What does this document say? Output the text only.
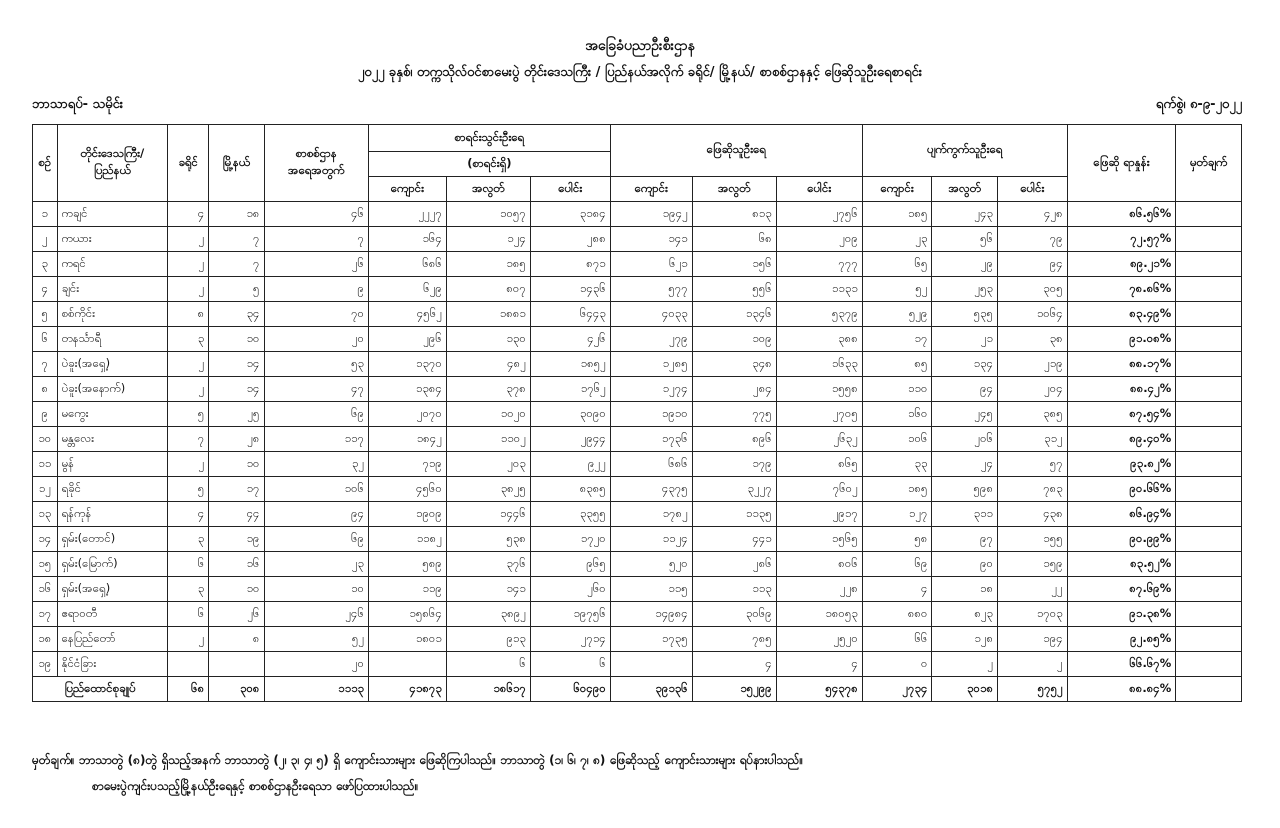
အခြေခံပညာဦးစီးဌာန
၂၀၂၂ ခုနှစ်၊ တက္ကသိုလ်ဝင်စာမေးပွဲ တိုင်းဒေသကြီး / ပြည်နယ်အလိုက် ခရိုင်/ မြို့နယ်/ စာစစ်ဌာနနှင့် ဖြေဆိုသူဦးရေစာရင်း
ဘာသာရပ်- သမိုင်း	ရက်စွဲ၊ ၈-၉-၂၀၂၂
စဉ်	တိုင်းဒေသကြီး/ ပြည်နယ်	ခရိုင်	မြို့နယ်	စာစစ်ဌာန အရေအတွက်	စာရင်းသွင်းဦးရေ			ဖြေဆိုသူဦးရေ			ပျက်ကွက်သူဦးရေ			ဖြေဆို ရာနှုန်း	မှတ်ချက်
					(စာရင်းရှိ)										
					ကျောင်း	အလွတ်	ပေါင်း	ကျောင်း	အလွတ်	ပေါင်း	ကျောင်း	အလွတ်	ပေါင်း		
၁	ကချင်	၄	၁၈	၄၆	၂၂၂၇	၁၀၅၇	၃၁၈၄	၁၉၄၂	၈၁၃	၂၇၅၆	၁၈၅	၂၄၃	၄၂၈	၈၆.၅၆%	
၂	ကယား	၂	၇	၇	၁၆၄	၁၂၄	၂၈၈	၁၄၁	၆၈	၂၀၉	၂၃	၅၆	၇၉	၇၂.၅၇%	
၃	ကရင်	၂	၇	၂၆	၆၈၆	၁၈၅	၈၇၁	၆၂၁	၁၅၆	၇၇၇	၆၅	၂၉	၉၄	၈၉.၂၁%	
၄	ချင်း	၂	၅	၉	၆၂၉	၈၀၇	၁၄၃၆	၅၇၇	၅၅၆	၁၁၃၁	၅၂	၂၅၃	၃၀၅	၇၈.၈၆%	
၅	စစ်ကိုင်း	၈	၃၄	၇၀	၄၅၆၂	၁၈၈၁	၆၄၄၃	၄၀၃၃	၁၃၄၆	၅၃၇၉	၅၂၉	၅၃၅	၁၀၆၄	၈၃.၄၉%	
၆	တနင်္သာရီ	၃	၁၀	၂၀	၂၉၆	၁၃၀	၄၂၆	၂၇၉	၁၀၉	၃၈၈	၁၇	၂၁	၃၈	၉၁.၀၈%	
၇	ပဲခူး(အရှေ့)	၂	၁၄	၅၃	၁၃၇၀	၄၈၂	၁၈၅၂	၁၂၈၅	၃၄၈	၁၆၃၃	၈၅	၁၃၄	၂၁၉	၈၈.၁၇%	
၈	ပဲခူး(အနောက်)	၂	၁၄	၄၇	၁၃၈၄	၃၇၈	၁၇၆၂	၁၂၇၄	၂၈၄	၁၅၅၈	၁၁၀	၉၄	၂၀၄	၈၈.၄၂%	
၉	မကွေး	၅	၂၅	၆၉	၂၀၇၀	၁၀၂၀	၃၀၉၀	၁၉၁၀	၇၇၅	၂၇၀၅	၁၆၀	၂၄၅	၃၈၅	၈၇.၅၄%	
၁၀	မန္တလေး	၇	၂၈	၁၁၇	၁၈၄၂	၁၁၀၂	၂၉၄၄	၁၇၃၆	၈၉၆	၂၆၃၂	၁၀၆	၂၀၆	၃၁၂	၈၉.၄၀%	
၁၁	မွန်	၂	၁၀	၃၂	၇၁၉	၂၀၃	၉၂၂	၆၈၆	၁၇၉	၈၆၅	၃၃	၂၄	၅၇	၉၃.၈၂%	
၁၂	ရခိုင်	၅	၁၇	၁၀၆	၄၅၆၀	၃၈၂၅	၈၃၈၅	၄၃၇၅	၃၂၂၇	၇၆၀၂	၁၈၅	၅၉၈	၇၈၃	၉၀.၆၆%	
၁၃	ရန်ကုန်	၄	၄၄	၉၄	၁၉၀၉	၁၄၄၆	၃၃၅၅	၁၇၈၂	၁၁၃၅	၂၉၁၇	၁၂၇	၃၁၁	၄၃၈	၈၆.၉၄%	
၁၄	ရှမ်း(တောင်)	၃	၁၉	၆၉	၁၁၈၂	၅၃၈	၁၇၂၀	၁၁၂၄	၄၄၁	၁၅၆၅	၅၈	၉၇	၁၅၅	၉၀.၉၉%	
၁၅	ရှမ်း(မြောက်)	၆	၁၆	၂၃	၅၈၉	၃၇၆	၉၆၅	၅၂၀	၂၈၆	၈၀၆	၆၉	၉၀	၁၅၉	၈၃.၅၂%	
၁၆	ရှမ်း(အရှေ့)	၃	၁၀	၁၀	၁၁၉	၁၄၁	၂၆၀	၁၁၅	၁၁၃	၂၂၈	၄	၁၈	၂၂	၈၇.၆၉%	
၁၇	ဧရာဝတီ	၆	၂၆	၂၄၆	၁၅၈၆၄	၃၈၉၂	၁၉၇၅၆	၁၄၉၈၄	၃၀၆၉	၁၈၀၅၃	၈၈၀	၈၂၃	၁၇၀၃	၉၁.၃၈%	
၁၈	နေပြည်တော်	၂	၈	၅၂	၁၈၀၁	၉၁၃	၂၇၁၄	၁၇၃၅	၇၈၅	၂၅၂၀	၆၆	၁၂၈	၁၉၄	၉၂.၈၅%	
၁၉	နိုင်ငံခြား			၂၀		၆	၆		၄	၄	၀	၂	၂	၆၆.၆၇%	
ပြည်ထောင်စုချုပ်		၆၈	၃၀၈	၁၁၁၃	၄၁၈၇၃	၁၈၆၁၇	၆၀၄၉၀	၃၉၁၃၆	၁၅၂၉၉	၅၄၃၇၈	၂၇၃၄	၃၀၁၈	၅၇၅၂	၈၈.၈၄%	
မှတ်ချက်။ ဘာသာတွဲ (၈)တွဲ ရှိသည့်အနက် ဘာသာတွဲ (၂၊ ၃၊ ၄၊ ၅) ရှိ ကျောင်းသားများ ဖြေဆိုကြပါသည်။ ဘာသာတွဲ (၁၊ ၆၊ ၇၊ ၈) ဖြေဆိုသည့် ကျောင်းသားများ ရပ်နားပါသည်။
စာမေးပွဲကျင်းပသည့်မြို့နယ်ဦးရေနှင့် စာစစ်ဌာနဦးရေသာ ဖော်ပြထားပါသည်။
